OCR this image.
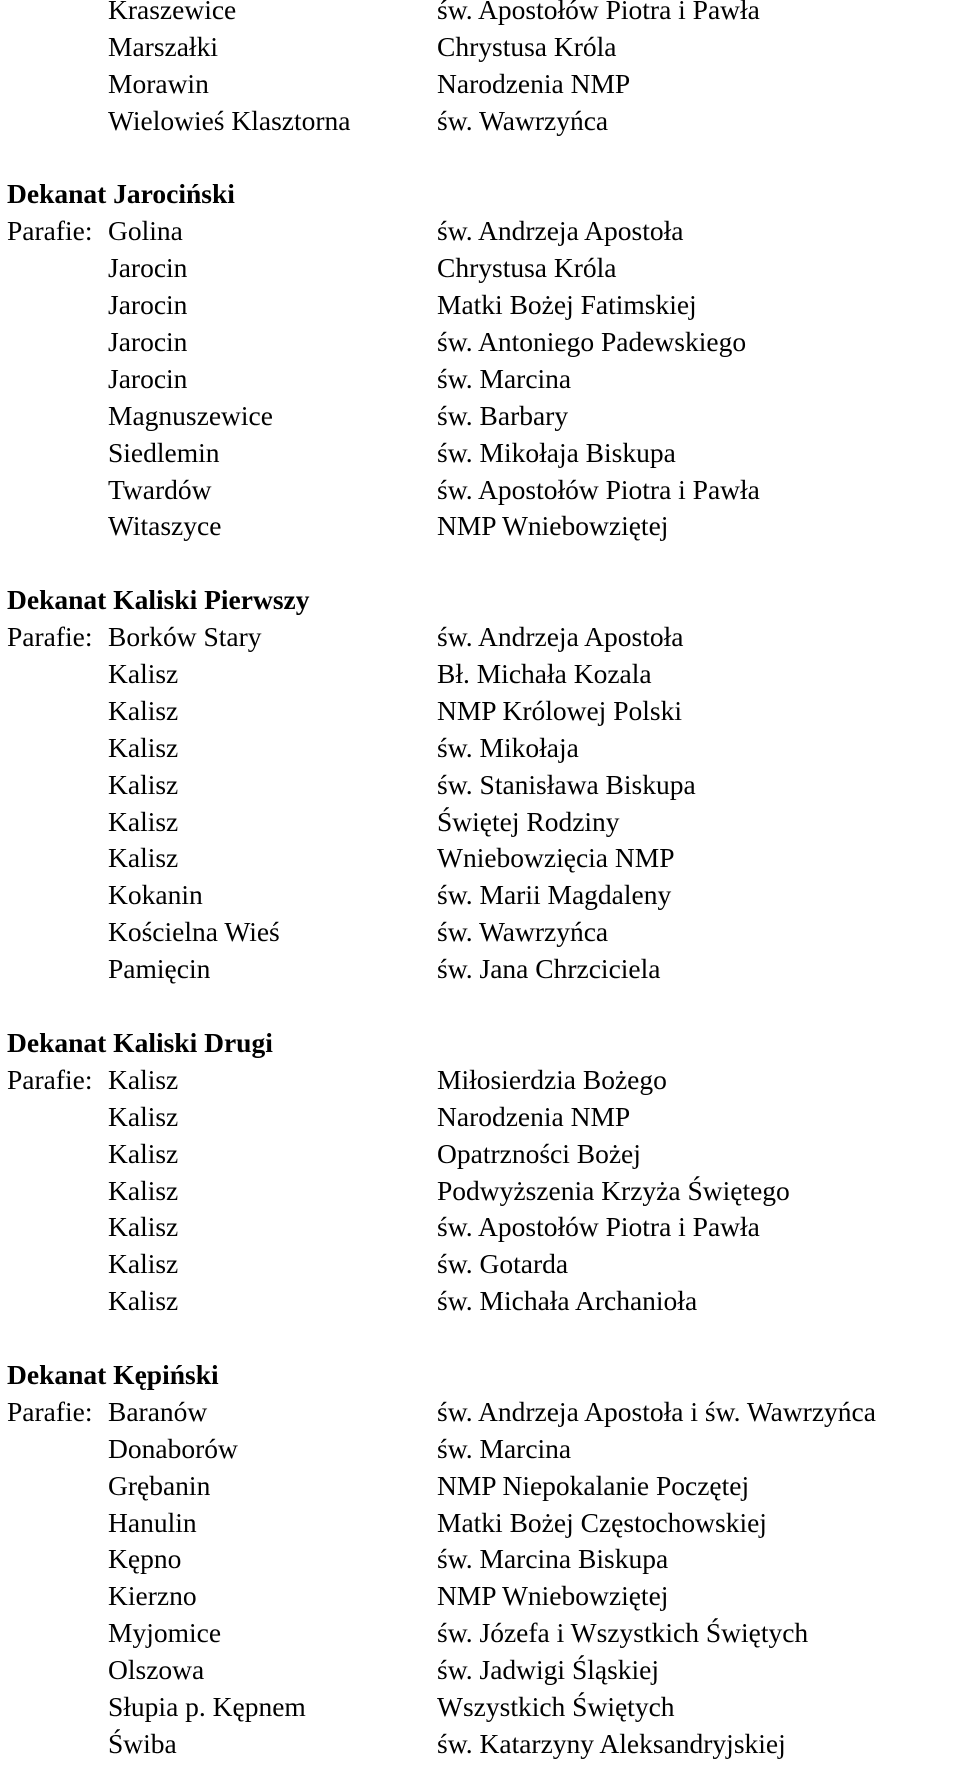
Kraszewice	św. Apostołów Piotra i Pawła
Marszałki	Chrystusa Króla
Morawin	Narodzenia NMP
Wielowieś Klasztorna	św. Wawrzyńca
Dekanat Jarociński
Parafie: Golina	św. Andrzeja Apostoła
Jarocin	Chrystusa Króla
Jarocin	Matki Bożej Fatimskiej
Jarocin	św. Antoniego Padewskiego
Jarocin	św. Marcina
Magnuszewice	św. Barbary
Siedlemin	św. Mikołaja Biskupa
Twardów	św. Apostołów Piotra i Pawła
Witaszyce	NMP Wniebowziętej
Dekanat Kaliski Pierwszy
Parafie: Borków Stary	św. Andrzeja Apostoła
Kalisz	Bł. Michała Kozala
Kalisz	NMP Królowej Polski
Kalisz	św. Mikołaja
Kalisz	św. Stanisława Biskupa
Kalisz	Świętej Rodziny
Kalisz	Wniebowzięcia NMP
Kokanin	św. Marii Magdaleny
Kościelna Wieś	św. Wawrzyńca
Pamięcin	św. Jana Chrzciciela
Dekanat Kaliski Drugi
Parafie: Kalisz	Miłosierdzia Bożego
Kalisz	Narodzenia NMP
Kalisz	Opatrzności Bożej
Kalisz	Podwyższenia Krzyża Świętego
Kalisz	św. Apostołów Piotra i Pawła
Kalisz	św. Gotarda
Kalisz	św. Michała Archanioła
Dekanat Kępiński
Parafie: Baranów	św. Andrzeja Apostoła i św. Wawrzyńca
Donaborów	św. Marcina
Grębanin	NMP Niepokalanie Poczętej
Hanulin	Matki Bożej Częstochowskiej
Kępno	św. Marcina Biskupa
Kierzno	NMP Wniebowziętej
Myjomice	św. Józefa i Wszystkich Świętych
Olszowa	św. Jadwigi Śląskiej
Słupia p. Kępnem	Wszystkich Świętych
Świba	św. Katarzyny Aleksandryjskiej
